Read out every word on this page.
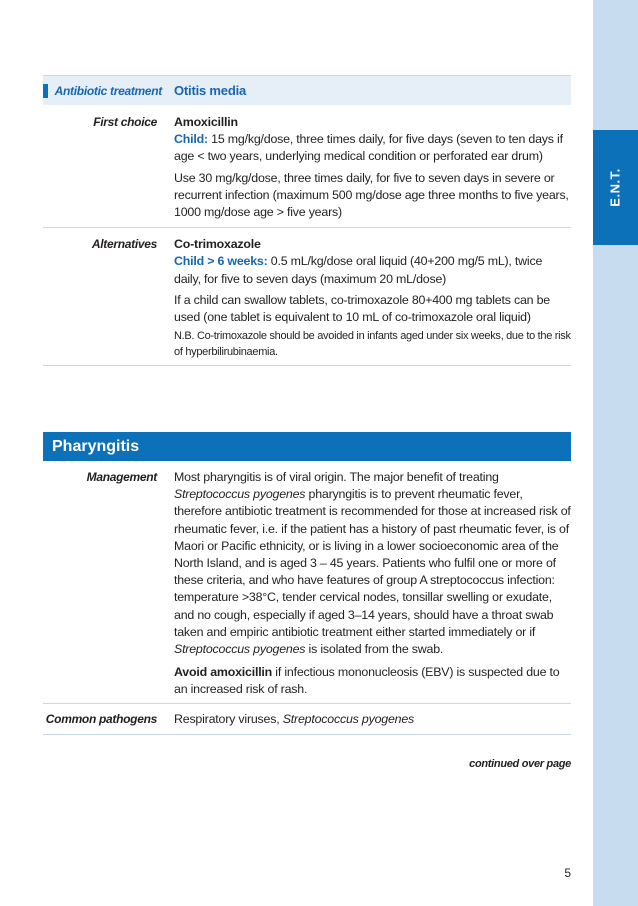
E.N.T.
Antibiotic treatment Otitis media
First choice	Amoxicillin

Child: 15 mg/kg/dose, three times daily, for five days (seven to ten days if age < two years, underlying medical condition or perforated ear drum)

Use 30 mg/kg/dose, three times daily, for five to seven days in severe or recurrent infection (maximum 500 mg/dose age three months to five years, 1000 mg/dose age > five years)

Alternatives	Co-trimoxazole

Child > 6 weeks: 0.5 mL/kg/dose oral liquid (40+200 mg/5 mL), twice daily, for five to seven days (maximum 20 mL/dose)

If a child can swallow tablets, co-trimoxazole 80+400 mg tablets can be used (one tablet is equivalent to 10 mL of co-trimoxazole oral liquid)

N.B. Co-trimoxazole should be avoided in infants aged under six weeks, due to the risk of hyperbilirubinaemia.

Pharyngitis
Management	Most pharyngitis is of viral origin. The major benefit of treating Streptococcus pyogenes pharyngitis is to prevent rheumatic fever, therefore antibiotic treatment is recommended for those at increased risk of rheumatic fever, i.e. if the patient has a history of past rheumatic fever, is of Maori or Pacific ethnicity, or is living in a lower socioeconomic area of the North Island, and is aged 3 – 45 years. Patients who fulfil one or more of these criteria, and who have features of group A streptococcus infection: temperature >38°C, tender cervical nodes, tonsillar swelling or exudate, and no cough, especially if aged 3–14 years, should have a throat swab taken and empiric antibiotic treatment either started immediately or if Streptococcus pyogenes is isolated from the swab.

Avoid amoxicillin if infectious mononucleosis (EBV) is suspected due to an increased risk of rash.

Common pathogens	Respiratory viruses, Streptococcus pyogenes
continued over page
5
